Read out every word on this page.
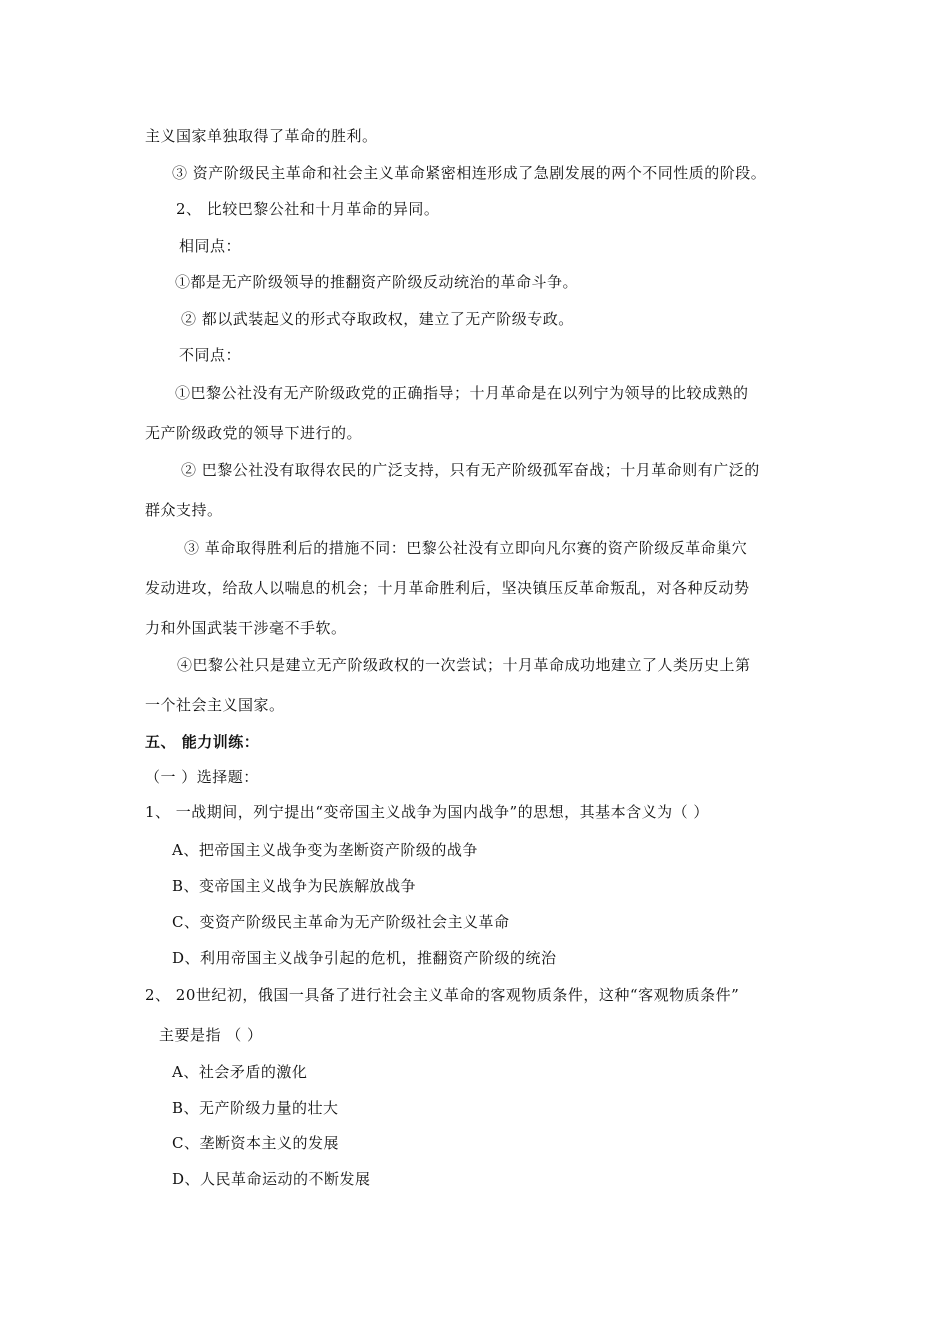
主义国家单独取得了革命的胜利。
③ 资产阶级民主革命和社会主义革命紧密相连形成了急剧发展的两个不同性质的阶段。
2、 比较巴黎公社和十月革命的异同。
相同点：
①都是无产阶级领导的推翻资产阶级反动统治的革命斗争。
② 都以武装起义的形式夺取政权，建立了无产阶级专政。
不同点：
①巴黎公社没有无产阶级政党的正确指导；十月革命是在以列宁为领导的比较成熟的
无产阶级政党的领导下进行的。
② 巴黎公社没有取得农民的广泛支持，只有无产阶级孤军奋战；十月革命则有广泛的
群众支持。
③ 革命取得胜利后的措施不同：巴黎公社没有立即向凡尔赛的资产阶级反革命巢穴
发动进攻，给敌人以喘息的机会；十月革命胜利后，坚决镇压反革命叛乱，对各种反动势
力和外国武装干涉毫不手软。
④巴黎公社只是建立无产阶级政权的一次尝试；十月革命成功地建立了人类历史上第
一个社会主义国家。
五、 能力训练：
（一 ）选择题：
1、 一战期间，列宁提出“变帝国主义战争为国内战争”的思想，其基本含义为（ ）
A、把帝国主义战争变为垄断资产阶级的战争
B、变帝国主义战争为民族解放战争
C、变资产阶级民主革命为无产阶级社会主义革命
D、利用帝国主义战争引起的危机，推翻资产阶级的统治
2、 20世纪初，俄国一具备了进行社会主义革命的客观物质条件，这种“客观物质条件”
主要是指 （ ）
A、社会矛盾的激化
B、无产阶级力量的壮大
C、垄断资本主义的发展
D、人民革命运动的不断发展
